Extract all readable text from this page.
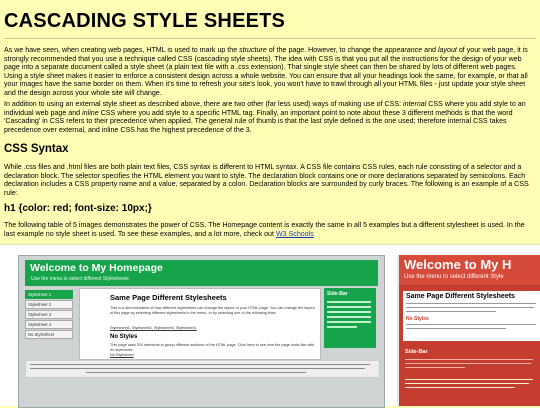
CASCADING STYLE SHEETS

As we have seen, when creating web pages, HTML is used to mark up the structure of the page. However, to change the appearance and layout of your web page, it is strongly recommended that you use a technique called CSS (cascading style sheets). The idea with CSS is that you put all the instructions for the design of your web page into a separate document called a style sheet (a plain text file with a .css extension). That single style sheet can then be shared by lots of different web pages. Using a style sheet makes it easier to enforce a consistent design across a whole website. You can ensure that all your headings look the same, for example, or that all your images have the same border on them. When it's time to refresh your site's look, you won't have to trawl through all your HTML files - just update your style sheet and the design across your whole site will change.

In addition to using an external style sheet as described above, there are two other (far less used) ways of making use of CSS: internal CSS where you add style to an individual web page and inline CSS where you add style to a specific HTML tag. Finally, an important point to note about these 3 different methods is that the word 'Cascading' in CSS refers to their precedence when applied. The general rule of thumb is that the last style defined is the one used; therefore internal CSS takes precedence over external, and inline CSS has the highest precedence of the 3.

CSS Syntax

While .css files and .html files are both plain text files, CSS syntax is different to HTML syntax. A CSS file contains CSS rules, each rule consisting of a selector and a declaration block. The selector specifies the HTML element you want to style. The declaration block contains one or more declarations separated by semicolons. Each declaration includes a CSS property name and a value, separated by a colon. Declaration blocks are surrounded by curly braces. The following is an example of a CSS rule:

h1 {color: red; font-size: 10px;}

The following table of 5 images demonstrates the power of CSS. The Homepage content is exactly the same in all 5 examples but a different stylesheet is used. In the last example no style sheet is used. To see these examples, and a lot more, check out W3 Schools

Welcome to My Homepage
Use the menu to select different Stylesheets
Stylesheet 1
Stylesheet 2
Stylesheet 3
Stylesheet 4
No Stylesheet
Same Page Different Stylesheets
This is a demonstration of how different stylesheets can change the layout of your HTML page. You can change the layout of this page by selecting different stylesheets in the menu, or by selecting one of the following links:
Stylesheet1, Stylesheet2, Stylesheet3, Stylesheet4.
No Styles
This page uses DIV elements to group different sections of the HTML page. Click here to see how the page looks like with no stylesheet:
No Stylesheet
Side-Bar
Welcome to My H
Use the menu to select different Style
Same Page Different Stylesheets
No Styles
Side-Bar
